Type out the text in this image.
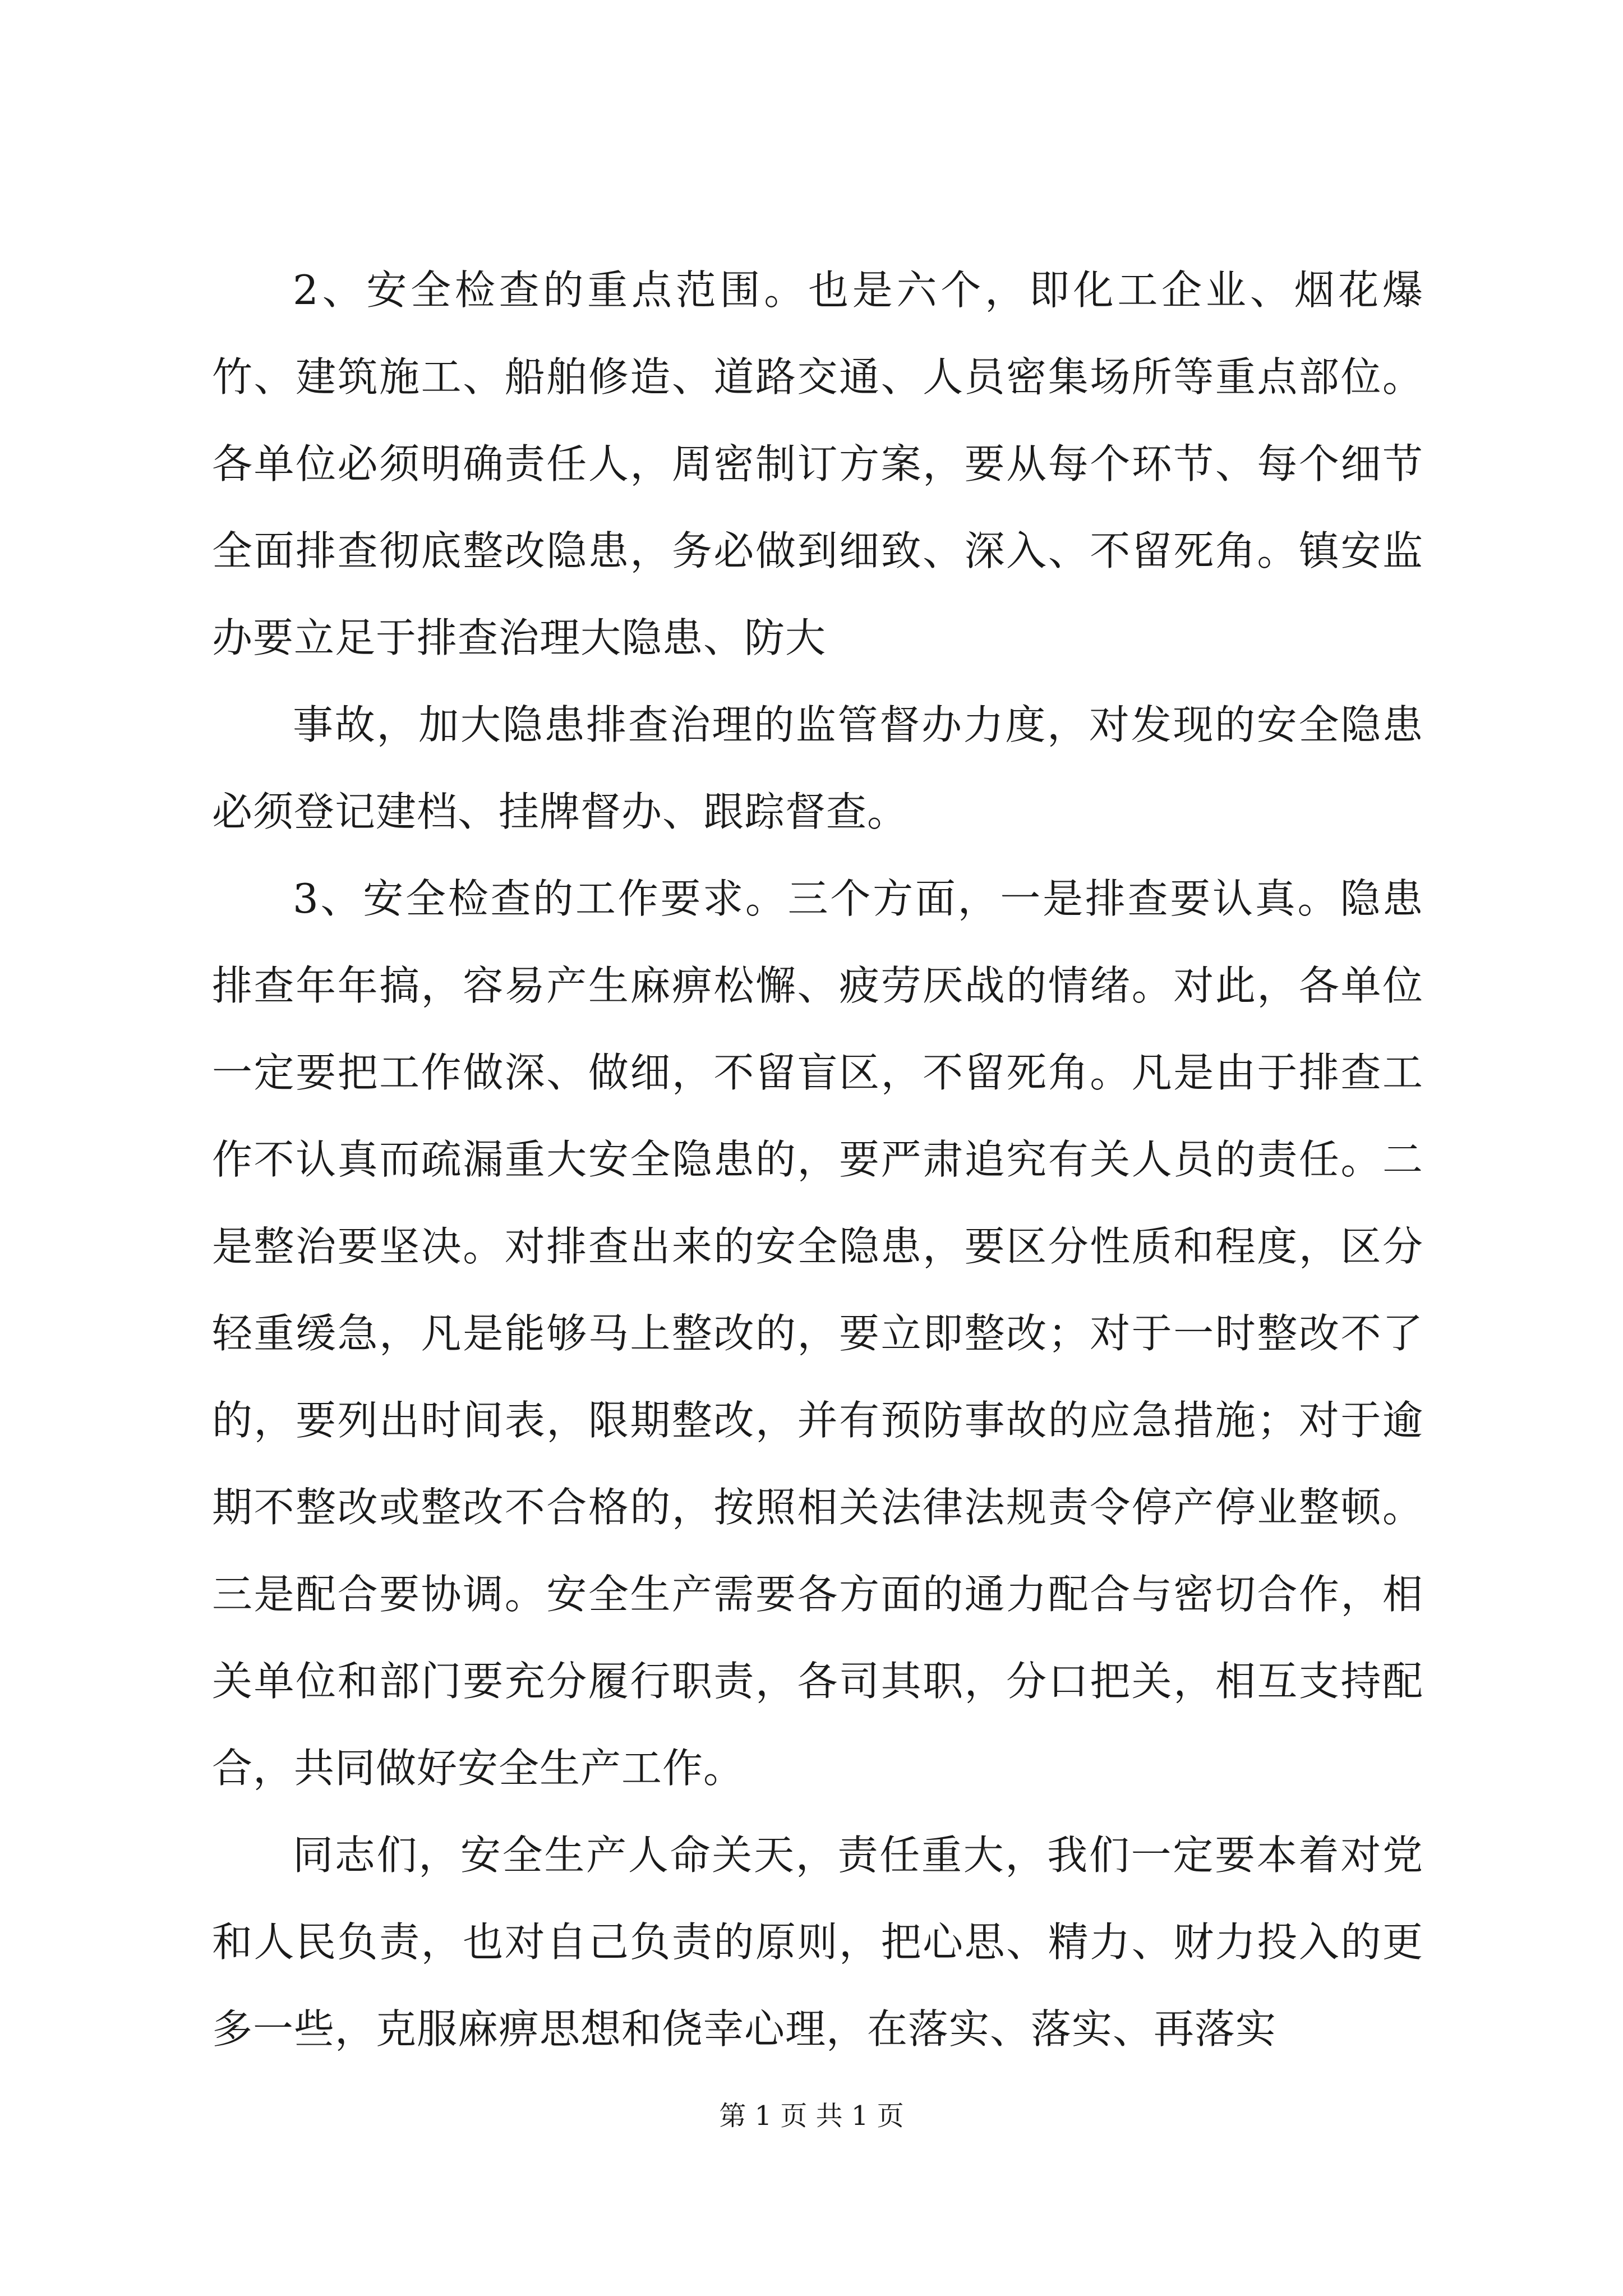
2、安全检查的重点范围。也是六个，即化工企业、烟花爆竹、建筑施工、船舶修造、道路交通、人员密集场所等重点部位。各单位必须明确责任人，周密制订方案，要从每个环节、每个细节全面排查彻底整改隐患，务必做到细致、深入、不留死角。镇安监办要立足于排查治理大隐患、防大

事故，加大隐患排查治理的监管督办力度，对发现的安全隐患必须登记建档、挂牌督办、跟踪督查。

3、安全检查的工作要求。三个方面，一是排查要认真。隐患排查年年搞，容易产生麻痹松懈、疲劳厌战的情绪。对此，各单位一定要把工作做深、做细，不留盲区，不留死角。凡是由于排查工作不认真而疏漏重大安全隐患的，要严肃追究有关人员的责任。二是整治要坚决。对排查出来的安全隐患，要区分性质和程度，区分轻重缓急，凡是能够马上整改的，要立即整改；对于一时整改不了的，要列出时间表，限期整改，并有预防事故的应急措施；对于逾期不整改或整改不合格的，按照相关法律法规责令停产停业整顿。三是配合要协调。安全生产需要各方面的通力配合与密切合作，相关单位和部门要充分履行职责，各司其职，分口把关，相互支持配合，共同做好安全生产工作。

同志们，安全生产人命关天，责任重大，我们一定要本着对党和人民负责，也对自己负责的原则，把心思、精力、财力投入的更多一些，克服麻痹思想和侥幸心理，在落实、落实、再落实

第 1 页 共 1 页
